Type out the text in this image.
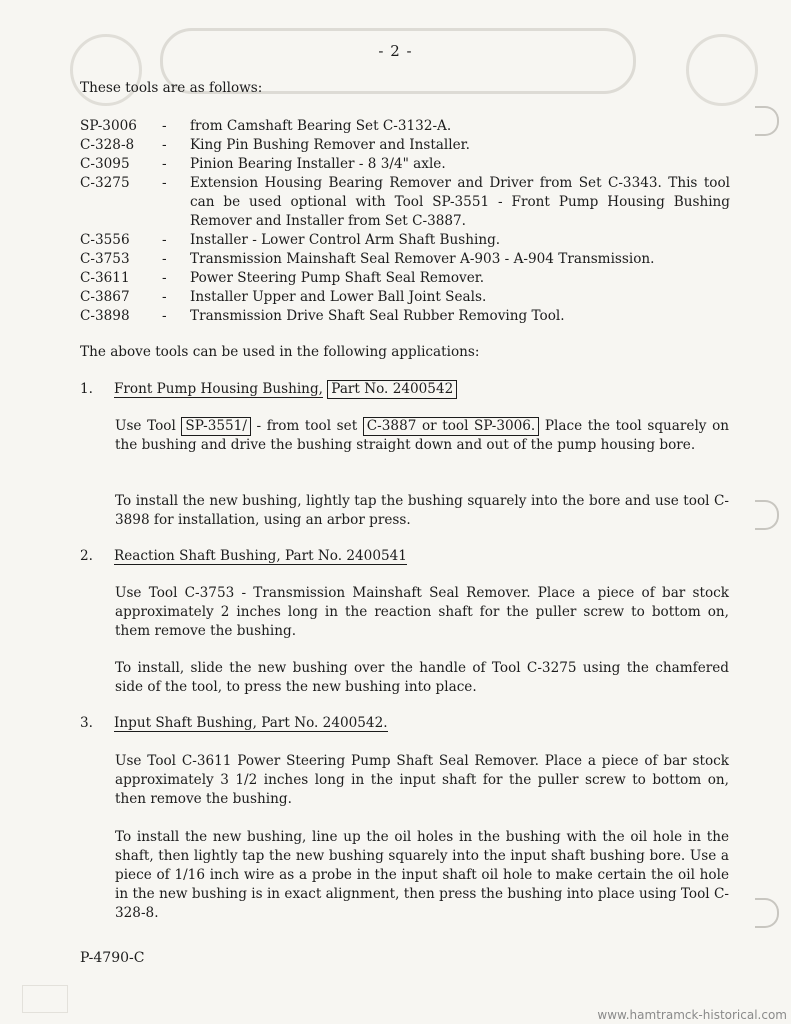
- 2 -
These tools are as follows:
SP-3006 - from Camshaft Bearing Set C-3132-A.
C-328-8 - King Pin Bushing Remover and Installer.
C-3095 - Pinion Bearing Installer - 8 3/4" axle.
C-3275 - Extension Housing Bearing Remover and Driver from Set C-3343. This tool can be used optional with Tool SP-3551 - Front Pump Housing Bushing Remover and Installer from Set C-3887.
C-3556 - Installer - Lower Control Arm Shaft Bushing.
C-3753 - Transmission Mainshaft Seal Remover A-903 - A-904 Transmission.
C-3611 - Power Steering Pump Shaft Seal Remover.
C-3867 - Installer Upper and Lower Ball Joint Seals.
C-3898 - Transmission Drive Shaft Seal Rubber Removing Tool.
The above tools can be used in the following applications:
1. Front Pump Housing Bushing, Part No. 2400542
Use Tool SP-3551/ - from tool set C-3887 or tool SP-3006. Place the tool squarely on the bushing and drive the bushing straight down and out of the pump housing bore.
To install the new bushing, lightly tap the bushing squarely into the bore and use tool C-3898 for installation, using an arbor press.
2. Reaction Shaft Bushing, Part No. 2400541
Use Tool C-3753 - Transmission Mainshaft Seal Remover. Place a piece of bar stock approximately 2 inches long in the reaction shaft for the puller screw to bottom on, them remove the bushing.
To install, slide the new bushing over the handle of Tool C-3275 using the chamfered side of the tool, to press the new bushing into place.
3. Input Shaft Bushing, Part No. 2400542.
Use Tool C-3611 Power Steering Pump Shaft Seal Remover. Place a piece of bar stock approximately 3 1/2 inches long in the input shaft for the puller screw to bottom on, then remove the bushing.
To install the new bushing, line up the oil holes in the bushing with the oil hole in the shaft, then lightly tap the new bushing squarely into the input shaft bushing bore. Use a piece of 1/16 inch wire as a probe in the input shaft oil hole to make certain the oil hole in the new bushing is in exact alignment, then press the bushing into place using Tool C-328-8.
P-4790-C
www.hamtramck-historical.com
